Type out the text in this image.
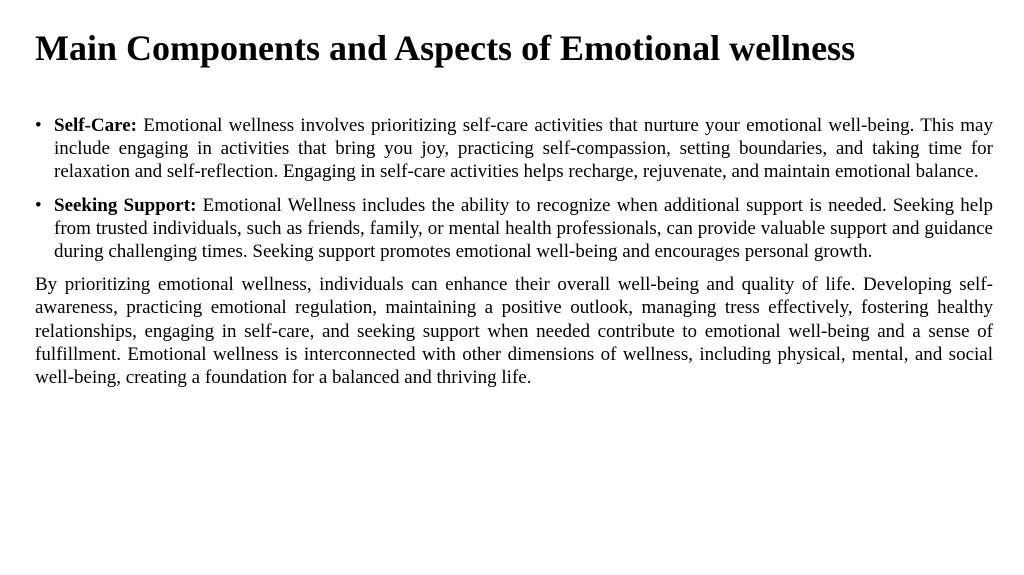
Main Components and Aspects of Emotional wellness
• Self-Care: Emotional wellness involves prioritizing self-care activities that nurture your emotional well-being. This may include engaging in activities that bring you joy, practicing self-compassion, setting boundaries, and taking time for relaxation and self-reflection. Engaging in self-care activities helps recharge, rejuvenate, and maintain emotional balance.
• Seeking Support: Emotional Wellness includes the ability to recognize when additional support is needed. Seeking help from trusted individuals, such as friends, family, or mental health professionals, can provide valuable support and guidance during challenging times. Seeking support promotes emotional well-being and encourages personal growth.

By prioritizing emotional wellness, individuals can enhance their overall well-being and quality of life. Developing self-awareness, practicing emotional regulation, maintaining a positive outlook, managing tress effectively, fostering healthy relationships, engaging in self-care, and seeking support when needed contribute to emotional well-being and a sense of fulfillment. Emotional wellness is interconnected with other dimensions of wellness, including physical, mental, and social well-being, creating a foundation for a balanced and thriving life.
